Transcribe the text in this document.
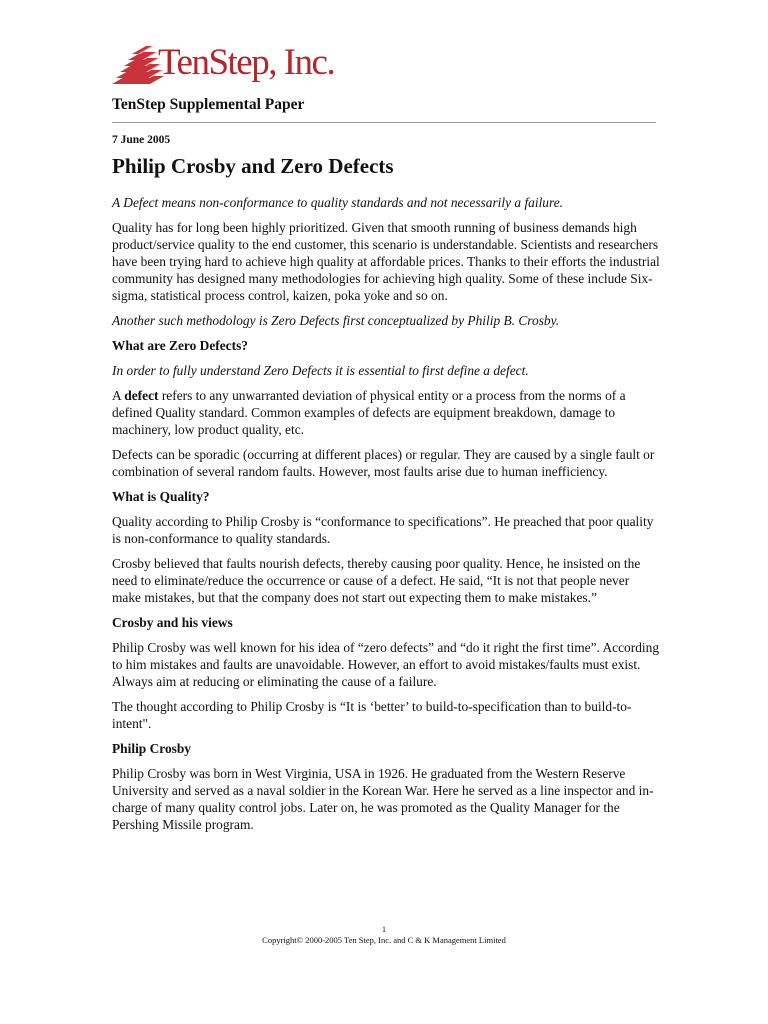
TenStep, Inc.
TenStep Supplemental Paper
7 June 2005
Philip Crosby and Zero Defects

A Defect means non-conformance to quality standards and not necessarily a failure.

Quality has for long been highly prioritized. Given that smooth running of business demands high product/service quality to the end customer, this scenario is understandable. Scientists and researchers have been trying hard to achieve high quality at affordable prices. Thanks to their efforts the industrial community has designed many methodologies for achieving high quality. Some of these include Six-sigma, statistical process control, kaizen, poka yoke and so on.

Another such methodology is Zero Defects first conceptualized by Philip B. Crosby.

What are Zero Defects?

In order to fully understand Zero Defects it is essential to first define a defect.

A defect refers to any unwarranted deviation of physical entity or a process from the norms of a defined Quality standard. Common examples of defects are equipment breakdown, damage to machinery, low product quality, etc.

Defects can be sporadic (occurring at different places) or regular. They are caused by a single fault or combination of several random faults. However, most faults arise due to human inefficiency.

What is Quality?

Quality according to Philip Crosby is “conformance to specifications”. He preached that poor quality is non-conformance to quality standards.

Crosby believed that faults nourish defects, thereby causing poor quality. Hence, he insisted on the need to eliminate/reduce the occurrence or cause of a defect. He said, “It is not that people never make mistakes, but that the company does not start out expecting them to make mistakes.”

Crosby and his views

Philip Crosby was well known for his idea of “zero defects” and “do it right the first time”. According to him mistakes and faults are unavoidable. However, an effort to avoid mistakes/faults must exist. Always aim at reducing or eliminating the cause of a failure.

The thought according to Philip Crosby is “It is ‘better’ to build-to-specification than to build-to-intent".

Philip Crosby

Philip Crosby was born in West Virginia, USA in 1926. He graduated from the Western Reserve University and served as a naval soldier in the Korean War. Here he served as a line inspector and in-charge of many quality control jobs. Later on, he was promoted as the Quality Manager for the Pershing Missile program.

1
Copyright© 2000-2005 Ten Step, Inc. and C & K Management Limited
